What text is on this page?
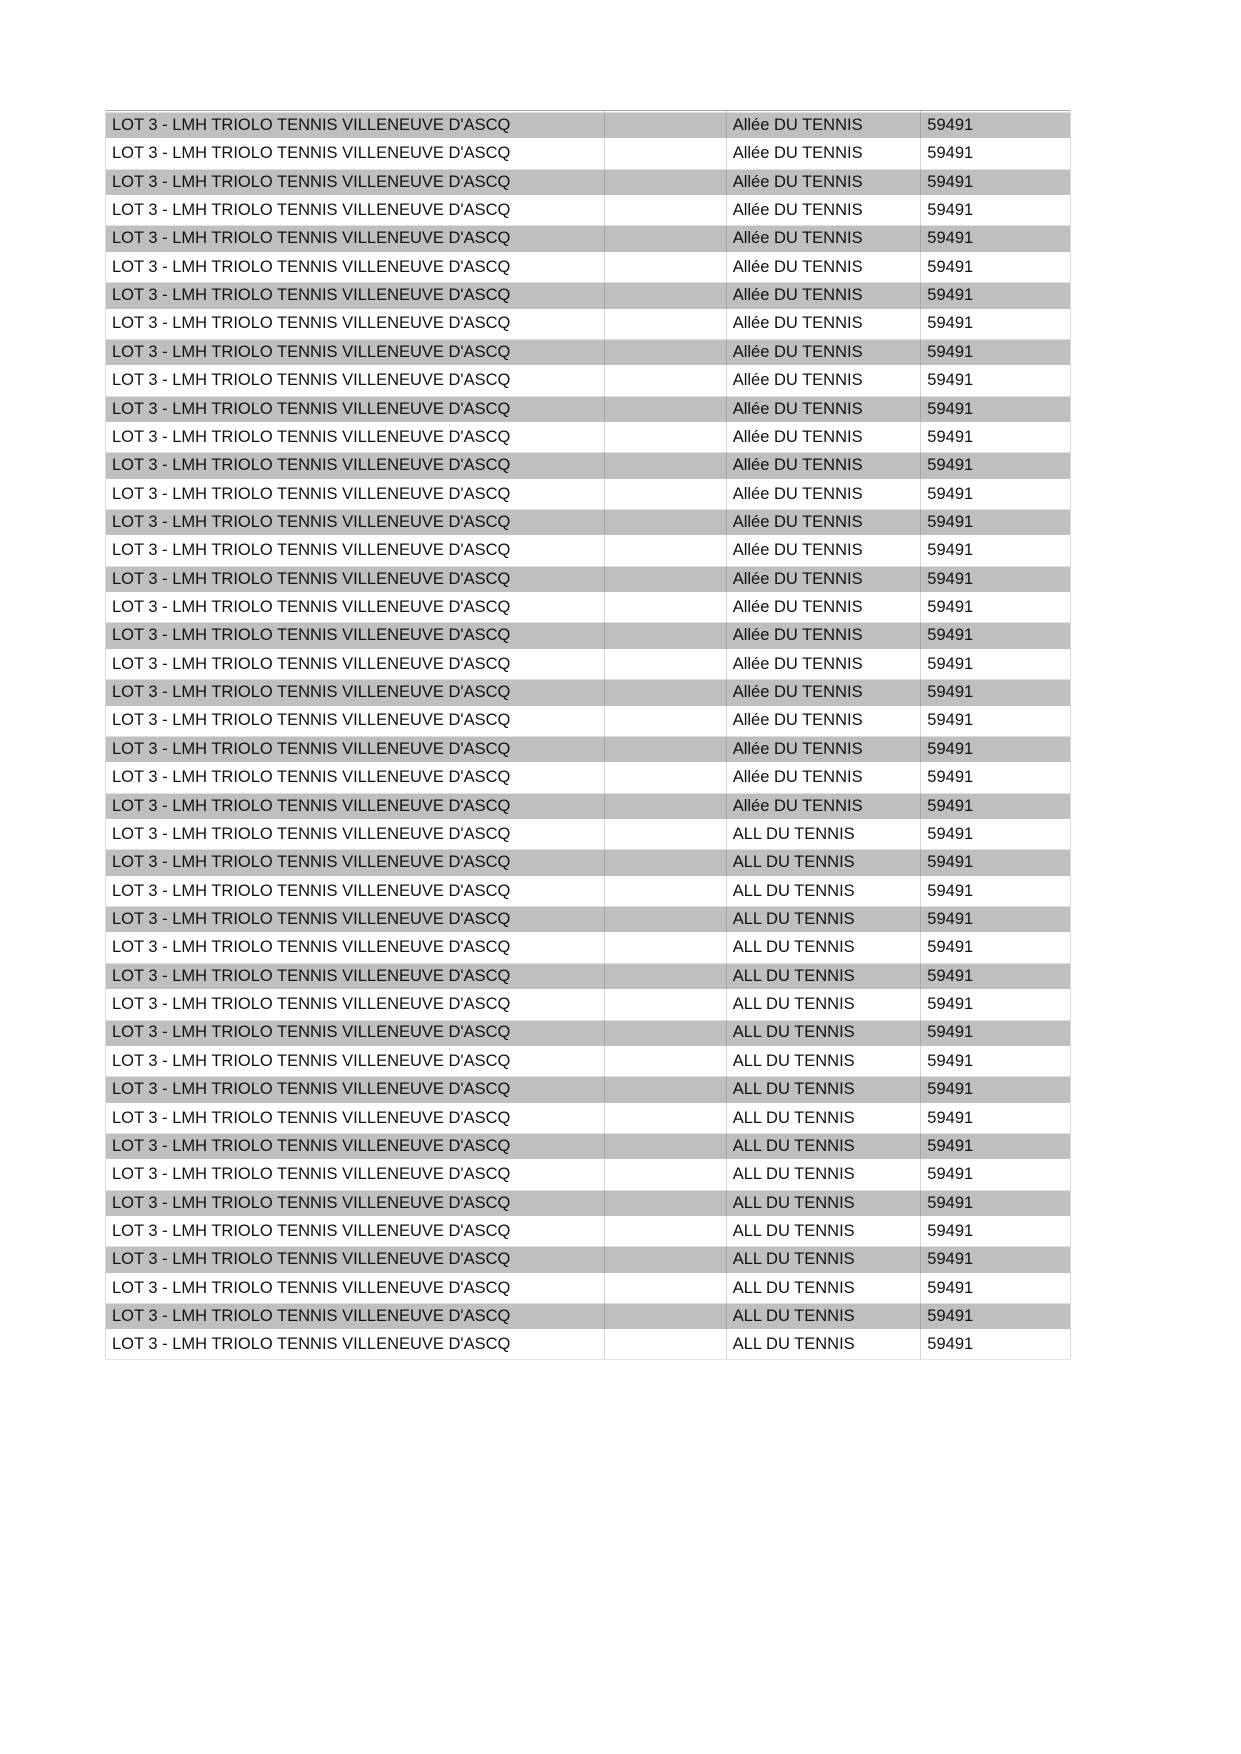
LOT 3 - LMH TRIOLO TENNIS VILLENEUVE D'ASCQ	Allée DU TENNIS	59491
LOT 3 - LMH TRIOLO TENNIS VILLENEUVE D'ASCQ	Allée DU TENNIS	59491
LOT 3 - LMH TRIOLO TENNIS VILLENEUVE D'ASCQ	Allée DU TENNIS	59491
LOT 3 - LMH TRIOLO TENNIS VILLENEUVE D'ASCQ	Allée DU TENNIS	59491
LOT 3 - LMH TRIOLO TENNIS VILLENEUVE D'ASCQ	Allée DU TENNIS	59491
LOT 3 - LMH TRIOLO TENNIS VILLENEUVE D'ASCQ	Allée DU TENNIS	59491
LOT 3 - LMH TRIOLO TENNIS VILLENEUVE D'ASCQ	Allée DU TENNIS	59491
LOT 3 - LMH TRIOLO TENNIS VILLENEUVE D'ASCQ	Allée DU TENNIS	59491
LOT 3 - LMH TRIOLO TENNIS VILLENEUVE D'ASCQ	Allée DU TENNIS	59491
LOT 3 - LMH TRIOLO TENNIS VILLENEUVE D'ASCQ	Allée DU TENNIS	59491
LOT 3 - LMH TRIOLO TENNIS VILLENEUVE D'ASCQ	Allée DU TENNIS	59491
LOT 3 - LMH TRIOLO TENNIS VILLENEUVE D'ASCQ	Allée DU TENNIS	59491
LOT 3 - LMH TRIOLO TENNIS VILLENEUVE D'ASCQ	Allée DU TENNIS	59491
LOT 3 - LMH TRIOLO TENNIS VILLENEUVE D'ASCQ	Allée DU TENNIS	59491
LOT 3 - LMH TRIOLO TENNIS VILLENEUVE D'ASCQ	Allée DU TENNIS	59491
LOT 3 - LMH TRIOLO TENNIS VILLENEUVE D'ASCQ	Allée DU TENNIS	59491
LOT 3 - LMH TRIOLO TENNIS VILLENEUVE D'ASCQ	Allée DU TENNIS	59491
LOT 3 - LMH TRIOLO TENNIS VILLENEUVE D'ASCQ	Allée DU TENNIS	59491
LOT 3 - LMH TRIOLO TENNIS VILLENEUVE D'ASCQ	Allée DU TENNIS	59491
LOT 3 - LMH TRIOLO TENNIS VILLENEUVE D'ASCQ	Allée DU TENNIS	59491
LOT 3 - LMH TRIOLO TENNIS VILLENEUVE D'ASCQ	Allée DU TENNIS	59491
LOT 3 - LMH TRIOLO TENNIS VILLENEUVE D'ASCQ	Allée DU TENNIS	59491
LOT 3 - LMH TRIOLO TENNIS VILLENEUVE D'ASCQ	Allée DU TENNIS	59491
LOT 3 - LMH TRIOLO TENNIS VILLENEUVE D'ASCQ	Allée DU TENNIS	59491
LOT 3 - LMH TRIOLO TENNIS VILLENEUVE D'ASCQ	Allée DU TENNIS	59491
LOT 3 - LMH TRIOLO TENNIS VILLENEUVE D'ASCQ	ALL DU TENNIS	59491
LOT 3 - LMH TRIOLO TENNIS VILLENEUVE D'ASCQ	ALL DU TENNIS	59491
LOT 3 - LMH TRIOLO TENNIS VILLENEUVE D'ASCQ	ALL DU TENNIS	59491
LOT 3 - LMH TRIOLO TENNIS VILLENEUVE D'ASCQ	ALL DU TENNIS	59491
LOT 3 - LMH TRIOLO TENNIS VILLENEUVE D'ASCQ	ALL DU TENNIS	59491
LOT 3 - LMH TRIOLO TENNIS VILLENEUVE D'ASCQ	ALL DU TENNIS	59491
LOT 3 - LMH TRIOLO TENNIS VILLENEUVE D'ASCQ	ALL DU TENNIS	59491
LOT 3 - LMH TRIOLO TENNIS VILLENEUVE D'ASCQ	ALL DU TENNIS	59491
LOT 3 - LMH TRIOLO TENNIS VILLENEUVE D'ASCQ	ALL DU TENNIS	59491
LOT 3 - LMH TRIOLO TENNIS VILLENEUVE D'ASCQ	ALL DU TENNIS	59491
LOT 3 - LMH TRIOLO TENNIS VILLENEUVE D'ASCQ	ALL DU TENNIS	59491
LOT 3 - LMH TRIOLO TENNIS VILLENEUVE D'ASCQ	ALL DU TENNIS	59491
LOT 3 - LMH TRIOLO TENNIS VILLENEUVE D'ASCQ	ALL DU TENNIS	59491
LOT 3 - LMH TRIOLO TENNIS VILLENEUVE D'ASCQ	ALL DU TENNIS	59491
LOT 3 - LMH TRIOLO TENNIS VILLENEUVE D'ASCQ	ALL DU TENNIS	59491
LOT 3 - LMH TRIOLO TENNIS VILLENEUVE D'ASCQ	ALL DU TENNIS	59491
LOT 3 - LMH TRIOLO TENNIS VILLENEUVE D'ASCQ	ALL DU TENNIS	59491
LOT 3 - LMH TRIOLO TENNIS VILLENEUVE D'ASCQ	ALL DU TENNIS	59491
LOT 3 - LMH TRIOLO TENNIS VILLENEUVE D'ASCQ	ALL DU TENNIS	59491
